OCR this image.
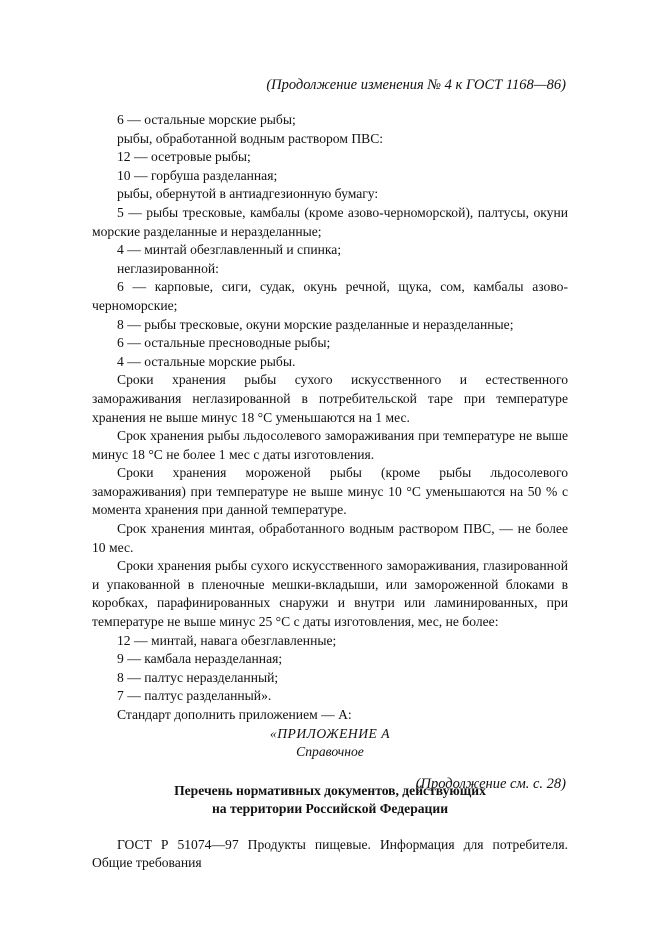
(Продолжение изменения № 4 к ГОСТ 1168—86)

6 — остальные морские рыбы;

рыбы, обработанной водным раствором ПВС:

12 — осетровые рыбы;

10 — горбуша разделанная;

рыбы, обернутой в антиадгезионную бумагу:

5 — рыбы тресковые, камбалы (кроме азово-черноморской), палтусы, окуни морские разделанные и неразделанные;

4 — минтай обезглавленный и спинка;

неглазированной:

6 — карповые, сиги, судак, окунь речной, щука, сом, камбалы азово-черноморские;

8 — рыбы тресковые, окуни морские разделанные и неразделанные;

6 — остальные пресноводные рыбы;

4 — остальные морские рыбы.

Сроки хранения рыбы сухого искусственного и естественного замораживания неглазированной в потребительской таре при температуре хранения не выше минус 18 °С уменьшаются на 1 мес.

Срок хранения рыбы льдосолевого замораживания при температуре не выше минус 18 °С не более 1 мес с даты изготовления.

Сроки хранения мороженой рыбы (кроме рыбы льдосолевого замораживания) при температуре не выше минус 10 °С уменьшаются на 50 % с момента хранения при данной температуре.

Срок хранения минтая, обработанного водным раствором ПВС, — не более 10 мес.

Сроки хранения рыбы сухого искусственного замораживания, глазированной и упакованной в пленочные мешки-вкладыши, или замороженной блоками в коробках, парафинированных снаружи и внутри или ламинированных, при температуре не выше минус 25 °С с даты изготовления, мес, не более:

12 — минтай, навага обезглавленные;

9 — камбала неразделанная;

8 — палтус неразделанный;

7 — палтус разделанный».

Стандарт дополнить приложением — А:

«ПРИЛОЖЕНИЕ А

Справочное

Перечень нормативных документов, действующих
на территории Российской Федерации

ГОСТ Р 51074—97 Продукты пищевые. Информация для потребителя. Общие требования

(Продолжение см. с. 28)
